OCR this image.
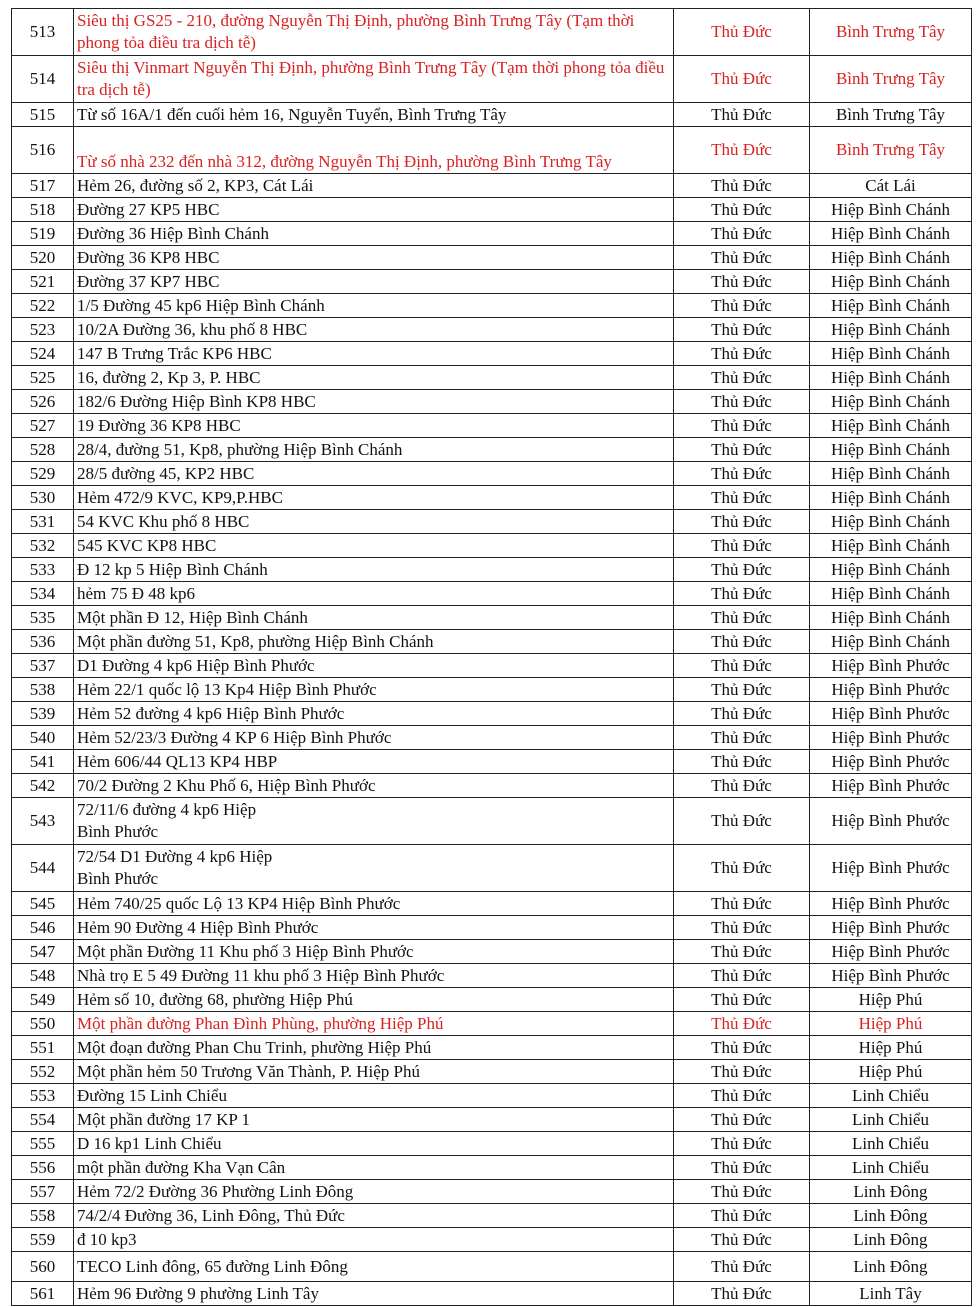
513	Siêu thị GS25 - 210, đường Nguyễn Thị Định, phường Bình Trưng Tây (Tạm thời phong tỏa điều tra dịch tễ)	Thủ Đức	Bình Trưng Tây
514	Siêu thị Vinmart Nguyễn Thị Định, phường Bình Trưng Tây (Tạm thời phong tỏa điều tra dịch tễ)	Thủ Đức	Bình Trưng Tây
515	Từ số 16A/1 đến cuối hẻm 16, Nguyễn Tuyển, Bình Trưng Tây	Thủ Đức	Bình Trưng Tây
516	Từ số nhà 232 đến nhà 312, đường Nguyễn Thị Định, phường Bình Trưng Tây	Thủ Đức	Bình Trưng Tây
517	Hẻm 26, đường số 2, KP3, Cát Lái	Thủ Đức	Cát Lái
518	Đường 27 KP5 HBC	Thủ Đức	Hiệp Bình Chánh
519	Đường 36 Hiệp Bình Chánh	Thủ Đức	Hiệp Bình Chánh
520	Đường 36 KP8 HBC	Thủ Đức	Hiệp Bình Chánh
521	Đường 37 KP7 HBC	Thủ Đức	Hiệp Bình Chánh
522	1/5 Đường 45 kp6 Hiệp Bình Chánh	Thủ Đức	Hiệp Bình Chánh
523	10/2A Đường 36, khu phố 8 HBC	Thủ Đức	Hiệp Bình Chánh
524	147 B Trưng Trắc KP6 HBC	Thủ Đức	Hiệp Bình Chánh
525	16, đường 2, Kp 3, P. HBC	Thủ Đức	Hiệp Bình Chánh
526	182/6 Đường Hiệp Bình KP8 HBC	Thủ Đức	Hiệp Bình Chánh
527	19 Đường 36 KP8 HBC	Thủ Đức	Hiệp Bình Chánh
528	28/4, đường 51, Kp8, phường Hiệp Bình Chánh	Thủ Đức	Hiệp Bình Chánh
529	28/5 đường 45, KP2 HBC	Thủ Đức	Hiệp Bình Chánh
530	Hẻm 472/9 KVC, KP9,P.HBC	Thủ Đức	Hiệp Bình Chánh
531	54 KVC Khu phố 8 HBC	Thủ Đức	Hiệp Bình Chánh
532	545 KVC KP8 HBC	Thủ Đức	Hiệp Bình Chánh
533	Đ 12 kp 5 Hiệp Bình Chánh	Thủ Đức	Hiệp Bình Chánh
534	hẻm 75 Đ 48 kp6	Thủ Đức	Hiệp Bình Chánh
535	Một phần Đ 12, Hiệp Bình Chánh	Thủ Đức	Hiệp Bình Chánh
536	Một phần đường 51, Kp8, phường Hiệp Bình Chánh	Thủ Đức	Hiệp Bình Chánh
537	D1 Đường 4 kp6 Hiệp Bình Phước	Thủ Đức	Hiệp Bình Phước
538	Hẻm 22/1 quốc lộ 13 Kp4 Hiệp Bình Phước	Thủ Đức	Hiệp Bình Phước
539	Hẻm 52 đường 4 kp6 Hiệp Bình Phước	Thủ Đức	Hiệp Bình Phước
540	Hẻm 52/23/3 Đường 4 KP 6 Hiệp Bình Phước	Thủ Đức	Hiệp Bình Phước
541	Hẻm 606/44 QL13 KP4 HBP	Thủ Đức	Hiệp Bình Phước
542	70/2 Đường 2 Khu Phố 6, Hiệp Bình Phước	Thủ Đức	Hiệp Bình Phước
543	72/11/6 đường 4 kp6 Hiệp
Bình Phước	Thủ Đức	Hiệp Bình Phước
544	72/54 D1 Đường 4 kp6 Hiệp
Bình Phước	Thủ Đức	Hiệp Bình Phước
545	Hẻm 740/25 quốc Lộ 13 KP4 Hiệp Bình Phước	Thủ Đức	Hiệp Bình Phước
546	Hẻm 90 Đường 4 Hiệp Bình Phước	Thủ Đức	Hiệp Bình Phước
547	Một phần Đường 11 Khu phố 3 Hiệp Bình Phước	Thủ Đức	Hiệp Bình Phước
548	Nhà trọ E 5 49 Đường 11 khu phố 3 Hiệp Bình Phước	Thủ Đức	Hiệp Bình Phước
549	Hẻm số 10, đường 68, phường Hiệp Phú	Thủ Đức	Hiệp Phú
550	Một phần đường Phan Đình Phùng, phường Hiệp Phú	Thủ Đức	Hiệp Phú
551	Một đoạn đường Phan Chu Trinh, phường Hiệp Phú	Thủ Đức	Hiệp Phú
552	Một phần hẻm 50 Trương Văn Thành, P. Hiệp Phú	Thủ Đức	Hiệp Phú
553	Đường 15 Linh Chiểu	Thủ Đức	Linh Chiểu
554	Một phần đường 17 KP 1	Thủ Đức	Linh Chiểu
555	D 16 kp1 Linh Chiểu	Thủ Đức	Linh Chiểu
556	một phần đường Kha Vạn Cân	Thủ Đức	Linh Chiểu
557	Hẻm 72/2 Đường 36 Phường Linh Đông	Thủ Đức	Linh Đông
558	74/2/4 Đường 36, Linh Đông, Thủ Đức	Thủ Đức	Linh Đông
559	đ 10 kp3	Thủ Đức	Linh Đông
560	TECO Linh đông, 65 đường Linh Đông	Thủ Đức	Linh Đông
561	Hẻm 96 Đường 9 phường Linh Tây	Thủ Đức	Linh Tây
